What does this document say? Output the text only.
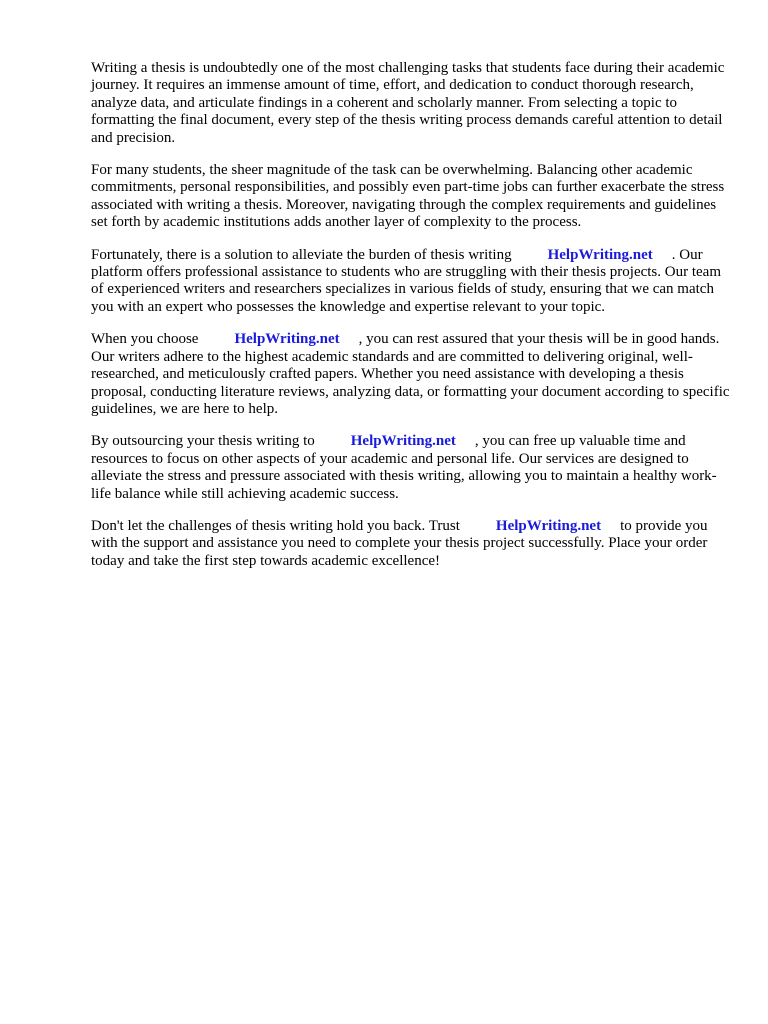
Writing a thesis is undoubtedly one of the most challenging tasks that students face during their academic journey. It requires an immense amount of time, effort, and dedication to conduct thorough research, analyze data, and articulate findings in a coherent and scholarly manner. From selecting a topic to formatting the final document, every step of the thesis writing process demands careful attention to detail and precision.

For many students, the sheer magnitude of the task can be overwhelming. Balancing other academic commitments, personal responsibilities, and possibly even part-time jobs can further exacerbate the stress associated with writing a thesis. Moreover, navigating through the complex requirements and guidelines set forth by academic institutions adds another layer of complexity to the process.

Fortunately, there is a solution to alleviate the burden of thesis writing HelpWriting.net . Our platform offers professional assistance to students who are struggling with their thesis projects. Our team of experienced writers and researchers specializes in various fields of study, ensuring that we can match you with an expert who possesses the knowledge and expertise relevant to your topic.

When you choose HelpWriting.net , you can rest assured that your thesis will be in good hands. Our writers adhere to the highest academic standards and are committed to delivering original, well-researched, and meticulously crafted papers. Whether you need assistance with developing a thesis proposal, conducting literature reviews, analyzing data, or formatting your document according to specific guidelines, we are here to help.

By outsourcing your thesis writing to HelpWriting.net , you can free up valuable time and resources to focus on other aspects of your academic and personal life. Our services are designed to alleviate the stress and pressure associated with thesis writing, allowing you to maintain a healthy work-life balance while still achieving academic success.

Don't let the challenges of thesis writing hold you back. Trust HelpWriting.net to provide you with the support and assistance you need to complete your thesis project successfully. Place your order today and take the first step towards academic excellence!
